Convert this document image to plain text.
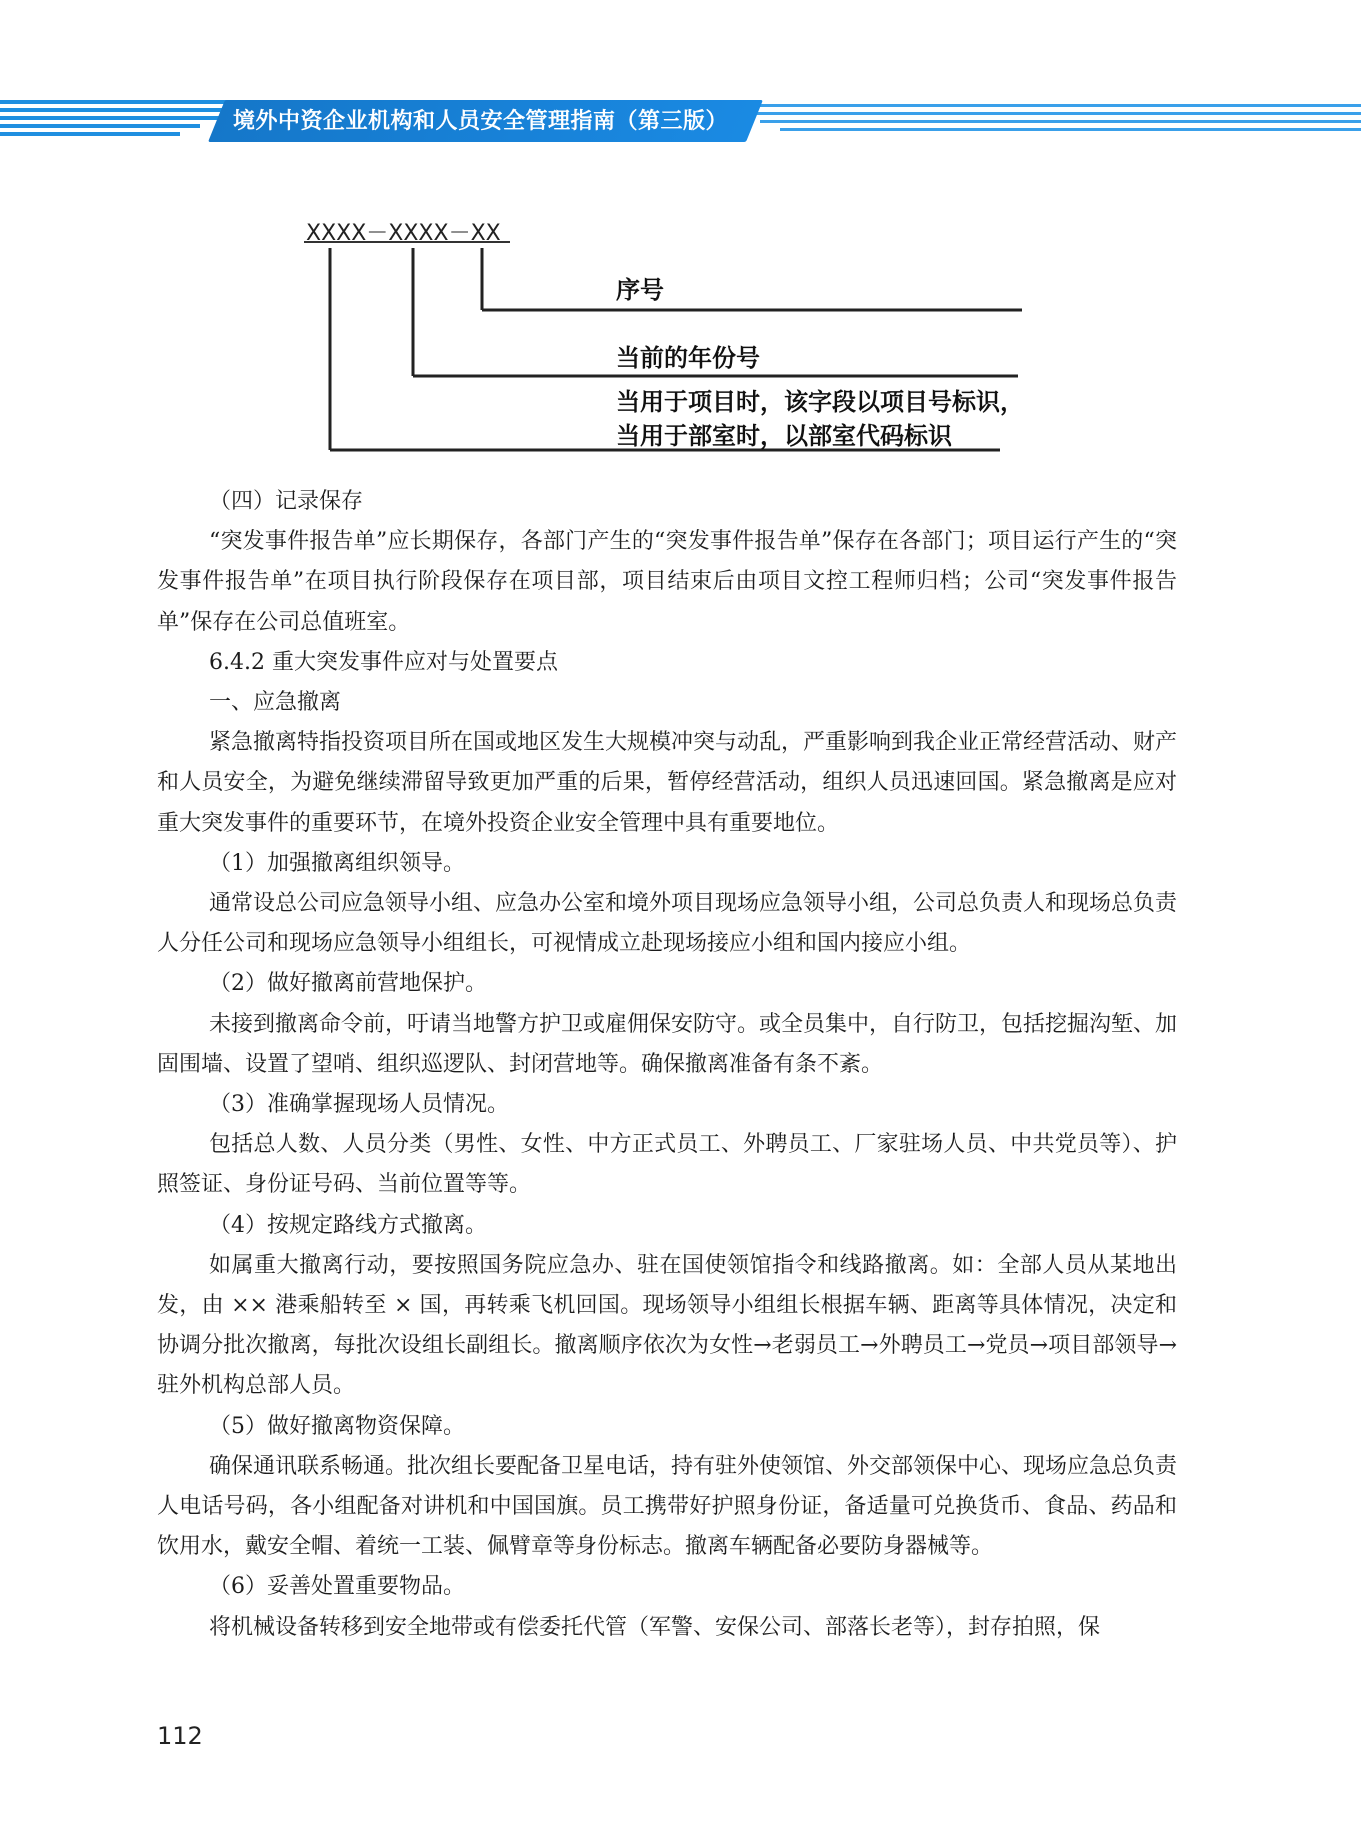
境外中资企业机构和人员安全管理指南（第三版）
XXXX－XXXX－XX
序号
当前的年份号
当用于项目时，该字段以项目号标识，
当用于部室时，以部室代码标识

（四）记录保存

“突发事件报告单”应长期保存，各部门产生的“突发事件报告单”保存在各部门；项目运行产生的“突发事件报告单”在项目执行阶段保存在项目部，项目结束后由项目文控工程师归档；公司“突发事件报告单”保存在公司总值班室。

6.4.2 重大突发事件应对与处置要点

一、应急撤离

紧急撤离特指投资项目所在国或地区发生大规模冲突与动乱，严重影响到我企业正常经营活动、财产和人员安全，为避免继续滞留导致更加严重的后果，暂停经营活动，组织人员迅速回国。紧急撤离是应对重大突发事件的重要环节，在境外投资企业安全管理中具有重要地位。

（1）加强撤离组织领导。

通常设总公司应急领导小组、应急办公室和境外项目现场应急领导小组，公司总负责人和现场总负责人分任公司和现场应急领导小组组长，可视情成立赴现场接应小组和国内接应小组。

（2）做好撤离前营地保护。

未接到撤离命令前，吁请当地警方护卫或雇佣保安防守。或全员集中，自行防卫，包括挖掘沟堑、加固围墙、设置了望哨、组织巡逻队、封闭营地等。确保撤离准备有条不紊。

（3）准确掌握现场人员情况。

包括总人数、人员分类（男性、女性、中方正式员工、外聘员工、厂家驻场人员、中共党员等）、护照签证、身份证号码、当前位置等等。

（4）按规定路线方式撤离。

如属重大撤离行动，要按照国务院应急办、驻在国使领馆指令和线路撤离。如：全部人员从某地出发，由 ×× 港乘船转至 × 国，再转乘飞机回国。现场领导小组组长根据车辆、距离等具体情况，决定和协调分批次撤离，每批次设组长副组长。撤离顺序依次为女性→老弱员工→外聘员工→党员→项目部领导→驻外机构总部人员。

（5）做好撤离物资保障。

确保通讯联系畅通。批次组长要配备卫星电话，持有驻外使领馆、外交部领保中心、现场应急总负责人电话号码，各小组配备对讲机和中国国旗。员工携带好护照身份证，备适量可兑换货币、食品、药品和饮用水，戴安全帽、着统一工装、佩臂章等身份标志。撤离车辆配备必要防身器械等。

（6）妥善处置重要物品。

将机械设备转移到安全地带或有偿委托代管（军警、安保公司、部落长老等），封存拍照，保

112
